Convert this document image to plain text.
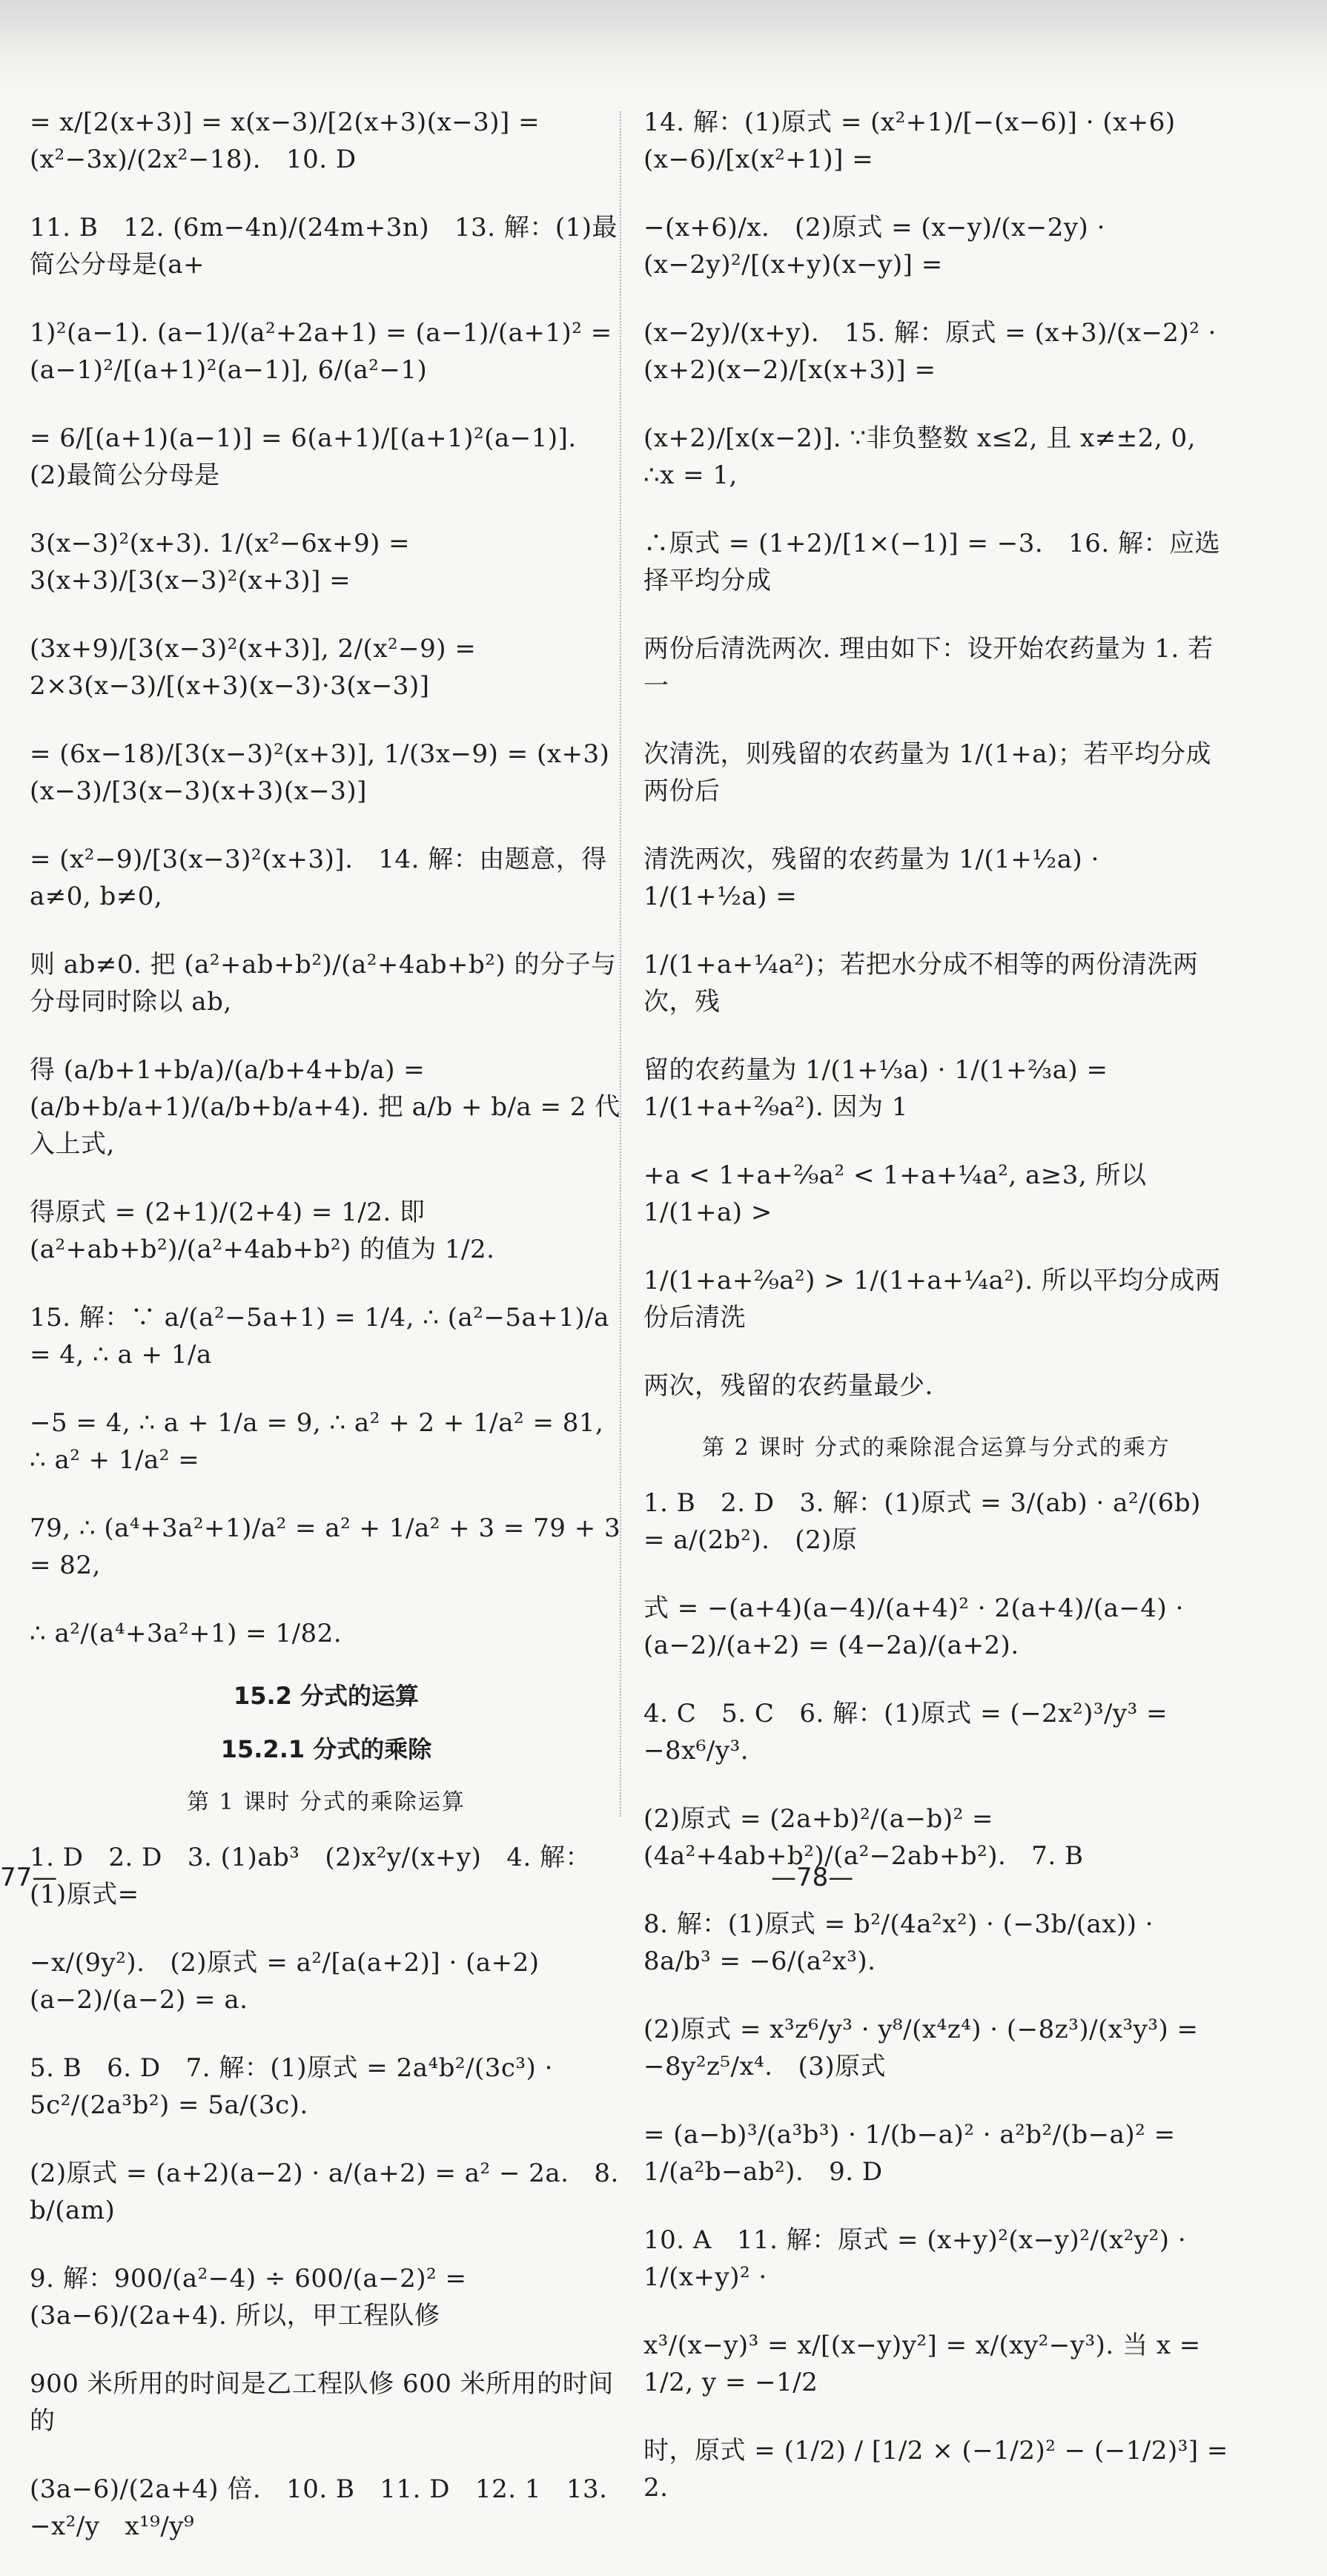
= x/[2(x+3)] = x(x−3)/[2(x+3)(x−3)] = (x²−3x)/(2x²−18).   10. D

11. B   12. (6m−4n)/(24m+3n)   13. 解：(1)最简公分母是(a+

1)²(a−1). (a−1)/(a²+2a+1) = (a−1)/(a+1)² = (a−1)²/[(a+1)²(a−1)], 6/(a²−1)

= 6/[(a+1)(a−1)] = 6(a+1)/[(a+1)²(a−1)].  (2)最简公分母是

3(x−3)²(x+3). 1/(x²−6x+9) = 3(x+3)/[3(x−3)²(x+3)] =

(3x+9)/[3(x−3)²(x+3)], 2/(x²−9) = 2×3(x−3)/[(x+3)(x−3)·3(x−3)]

= (6x−18)/[3(x−3)²(x+3)], 1/(3x−9) = (x+3)(x−3)/[3(x−3)(x+3)(x−3)]

= (x²−9)/[3(x−3)²(x+3)].   14. 解：由题意，得 a≠0, b≠0,

则 ab≠0. 把 (a²+ab+b²)/(a²+4ab+b²) 的分子与分母同时除以 ab,

得 (a/b+1+b/a)/(a/b+4+b/a) = (a/b+b/a+1)/(a/b+b/a+4). 把 a/b + b/a = 2 代入上式,

得原式 = (2+1)/(2+4) = 1/2. 即 (a²+ab+b²)/(a²+4ab+b²) 的值为 1/2.

15. 解：∵ a/(a²−5a+1) = 1/4, ∴ (a²−5a+1)/a = 4, ∴ a + 1/a

−5 = 4, ∴ a + 1/a = 9, ∴ a² + 2 + 1/a² = 81, ∴ a² + 1/a² =

79, ∴ (a⁴+3a²+1)/a² = a² + 1/a² + 3 = 79 + 3 = 82,

∴ a²/(a⁴+3a²+1) = 1/82.

15.2 分式的运算
15.2.1 分式的乘除
第 1 课时 分式的乘除运算

1. D   2. D   3. (1)ab³   (2)x²y/(x+y)   4. 解：(1)原式=

−x/(9y²).   (2)原式 = a²/[a(a+2)] · (a+2)(a−2)/(a−2) = a.

5. B   6. D   7. 解：(1)原式 = 2a⁴b²/(3c³) · 5c²/(2a³b²) = 5a/(3c).

(2)原式 = (a+2)(a−2) · a/(a+2) = a² − 2a.   8. b/(am)

9. 解：900/(a²−4) ÷ 600/(a−2)² = (3a−6)/(2a+4). 所以，甲工程队修

900 米所用的时间是乙工程队修 600 米所用的时间的

(3a−6)/(2a+4) 倍.   10. B   11. D   12. 1   13. −x²/y   x¹⁹/y⁹

14. 解：(1)原式 = (x²+1)/[−(x−6)] · (x+6)(x−6)/[x(x²+1)] =

−(x+6)/x.   (2)原式 = (x−y)/(x−2y) · (x−2y)²/[(x+y)(x−y)] =

(x−2y)/(x+y).   15. 解：原式 = (x+3)/(x−2)² · (x+2)(x−2)/[x(x+3)] =

(x+2)/[x(x−2)]. ∵非负整数 x≤2, 且 x≠±2, 0, ∴x = 1,

∴原式 = (1+2)/[1×(−1)] = −3.   16. 解：应选择平均分成

两份后清洗两次. 理由如下：设开始农药量为 1. 若一

次清洗，则残留的农药量为 1/(1+a)；若平均分成两份后

清洗两次，残留的农药量为 1/(1+½a) · 1/(1+½a) =

1/(1+a+¼a²)；若把水分成不相等的两份清洗两次，残

留的农药量为 1/(1+⅓a) · 1/(1+⅔a) = 1/(1+a+²⁄₉a²). 因为 1

+a < 1+a+²⁄₉a² < 1+a+¼a², a≥3, 所以 1/(1+a) >

1/(1+a+²⁄₉a²) > 1/(1+a+¼a²). 所以平均分成两份后清洗

两次，残留的农药量最少.

第 2 课时 分式的乘除混合运算与分式的乘方

1. B   2. D   3. 解：(1)原式 = 3/(ab) · a²/(6b) = a/(2b²).   (2)原

式 = −(a+4)(a−4)/(a+4)² · 2(a+4)/(a−4) · (a−2)/(a+2) = (4−2a)/(a+2).

4. C   5. C   6. 解：(1)原式 = (−2x²)³/y³ = −8x⁶/y³.

(2)原式 = (2a+b)²/(a−b)² = (4a²+4ab+b²)/(a²−2ab+b²).   7. B

8. 解：(1)原式 = b²/(4a²x²) · (−3b/(ax)) · 8a/b³ = −6/(a²x³).

(2)原式 = x³z⁶/y³ · y⁸/(x⁴z⁴) · (−8z³)/(x³y³) = −8y²z⁵/x⁴.   (3)原式

= (a−b)³/(a³b³) · 1/(b−a)² · a²b²/(b−a)² = 1/(a²b−ab²).   9. D

10. A   11. 解：原式 = (x+y)²(x−y)²/(x²y²) · 1/(x+y)² ·

x³/(x−y)³ = x/[(x−y)y²] = x/(xy²−y³). 当 x = 1/2, y = −1/2

时，原式 = (1/2) / [1/2 × (−1/2)² − (−1/2)³] = 2.

77—	—78—
